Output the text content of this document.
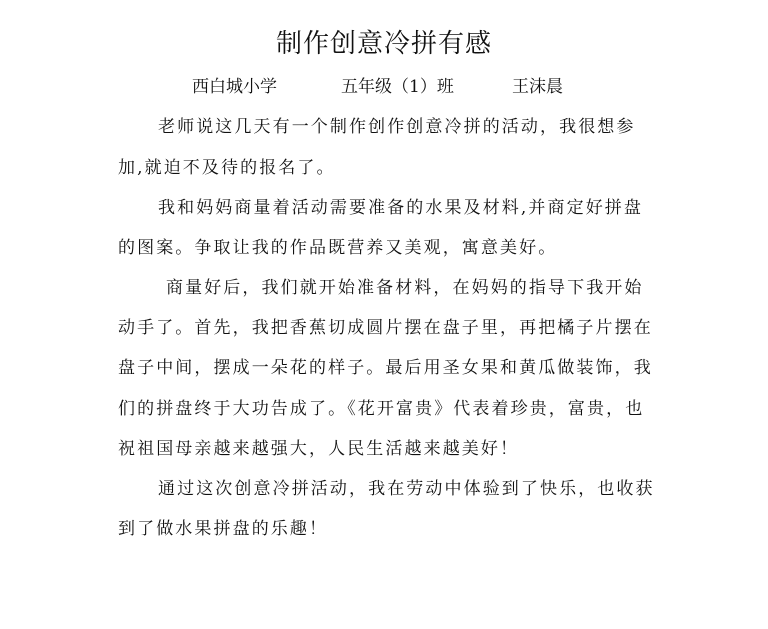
制作创意冷拼有感
西白城小学	五年级（1）班	王沫晨
老师说这几天有一个制作创作创意冷拼的活动，我很想参
加,就迫不及待的报名了。
我和妈妈商量着活动需要准备的水果及材料,并商定好拼盘
的图案。争取让我的作品既营养又美观，寓意美好。
商量好后，我们就开始准备材料，在妈妈的指导下我开始
动手了。首先，我把香蕉切成圆片摆在盘子里，再把橘子片摆在
盘子中间，摆成一朵花的样子。最后用圣女果和黄瓜做装饰，我
们的拼盘终于大功告成了。《花开富贵》代表着珍贵，富贵，也
祝祖国母亲越来越强大，人民生活越来越美好！
通过这次创意冷拼活动，我在劳动中体验到了快乐，也收获
到了做水果拼盘的乐趣！
